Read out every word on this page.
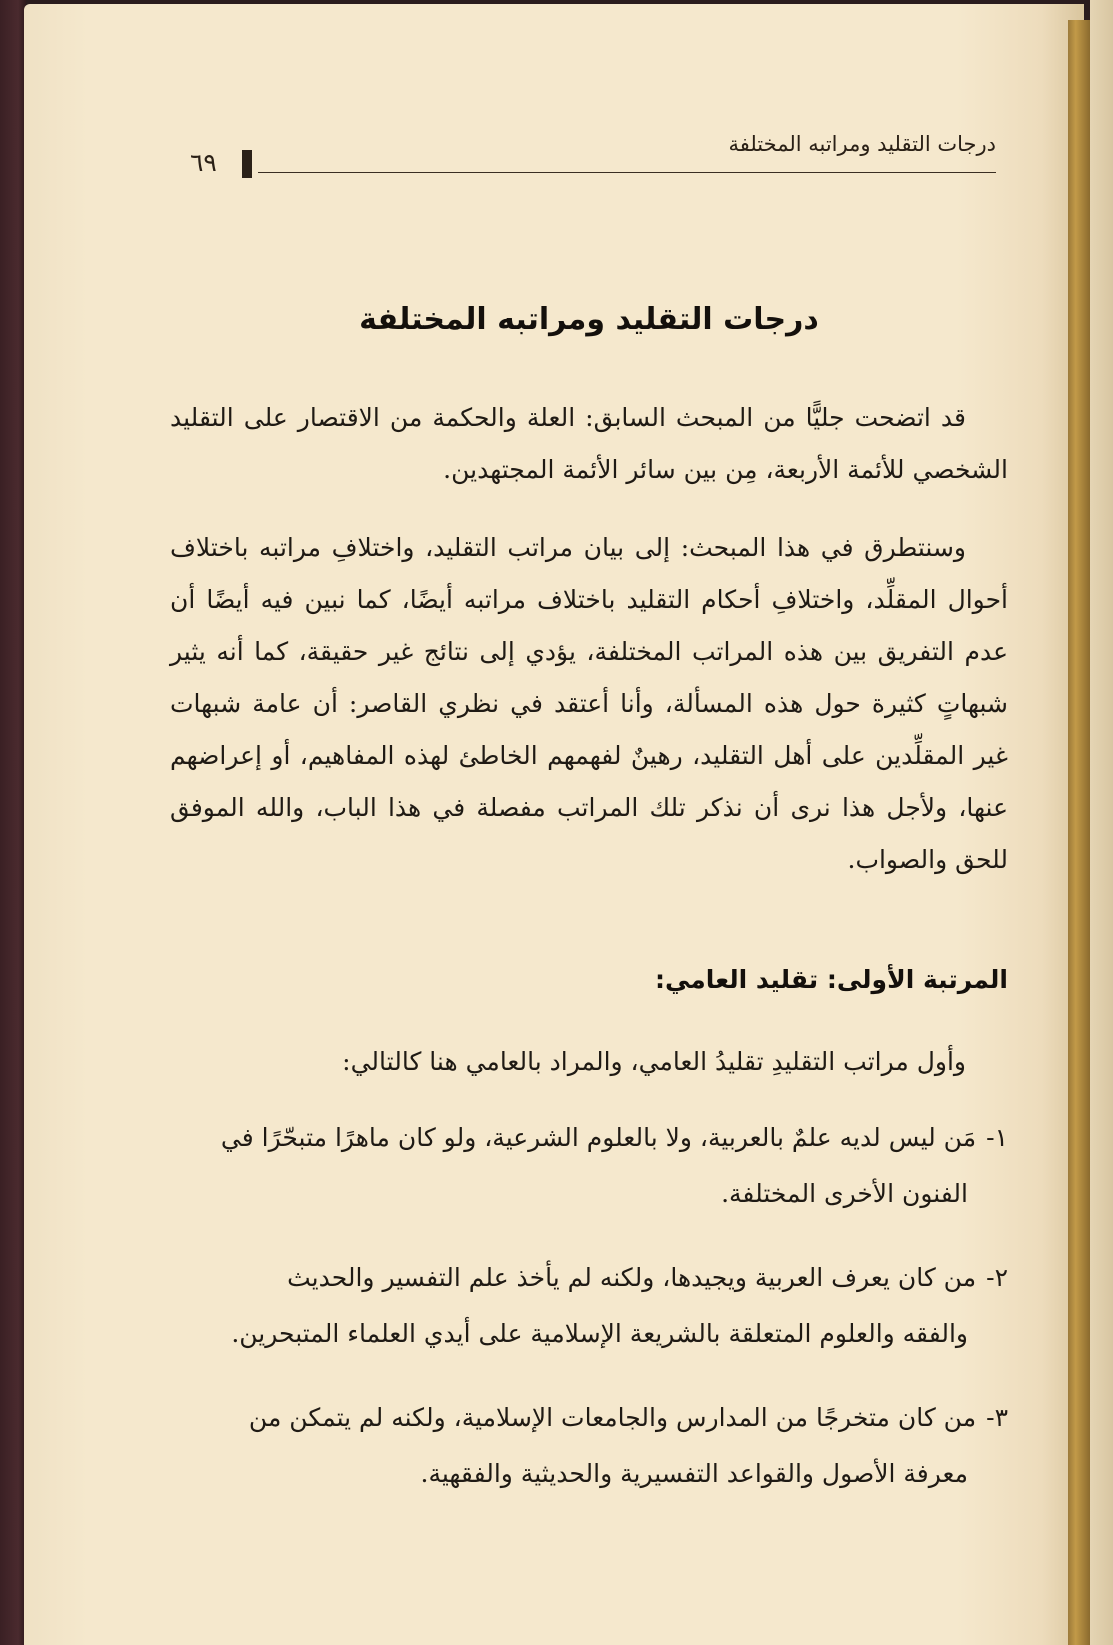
٦٩
درجات التقليد ومراتبه المختلفة
درجات التقليد ومراتبه المختلفة

قد اتضحت جليًّا من المبحث السابق: العلة والحكمة من الاقتصار على التقليد الشخصي للأئمة الأربعة، مِن بين سائر الأئمة المجتهدين.

وسنتطرق في هذا المبحث: إلى بيان مراتب التقليد، واختلافِ مراتبه باختلاف أحوال المقلِّد، واختلافِ أحكام التقليد باختلاف مراتبه أيضًا، كما نبين فيه أيضًا أن عدم التفريق بين هذه المراتب المختلفة، يؤدي إلى نتائج غير حقيقة، كما أنه يثير شبهاتٍ كثيرة حول هذه المسألة، وأنا أعتقد في نظري القاصر: أن عامة شبهات غير المقلِّدين على أهل التقليد، رهينٌ لفهمهم الخاطئ لهذه المفاهيم، أو إعراضهم عنها، ولأجل هذا نرى أن نذكر تلك المراتب مفصلة في هذا الباب، والله الموفق للحق والصواب.

المرتبة الأولى: تقليد العامي:

وأول مراتب التقليدِ تقليدُ العامي، والمراد بالعامي هنا كالتالي:

١-مَن ليس لديه علمٌ بالعربية، ولا بالعلوم الشرعية، ولو كان ماهرًا متبحّرًا في
الفنون الأخرى المختلفة.
٢-من كان يعرف العربية ويجيدها، ولكنه لم يأخذ علم التفسير والحديث
والفقه والعلوم المتعلقة بالشريعة الإسلامية على أيدي العلماء المتبحرين.
٣-من كان متخرجًا من المدارس والجامعات الإسلامية، ولكنه لم يتمكن من
معرفة الأصول والقواعد التفسيرية والحديثية والفقهية.
